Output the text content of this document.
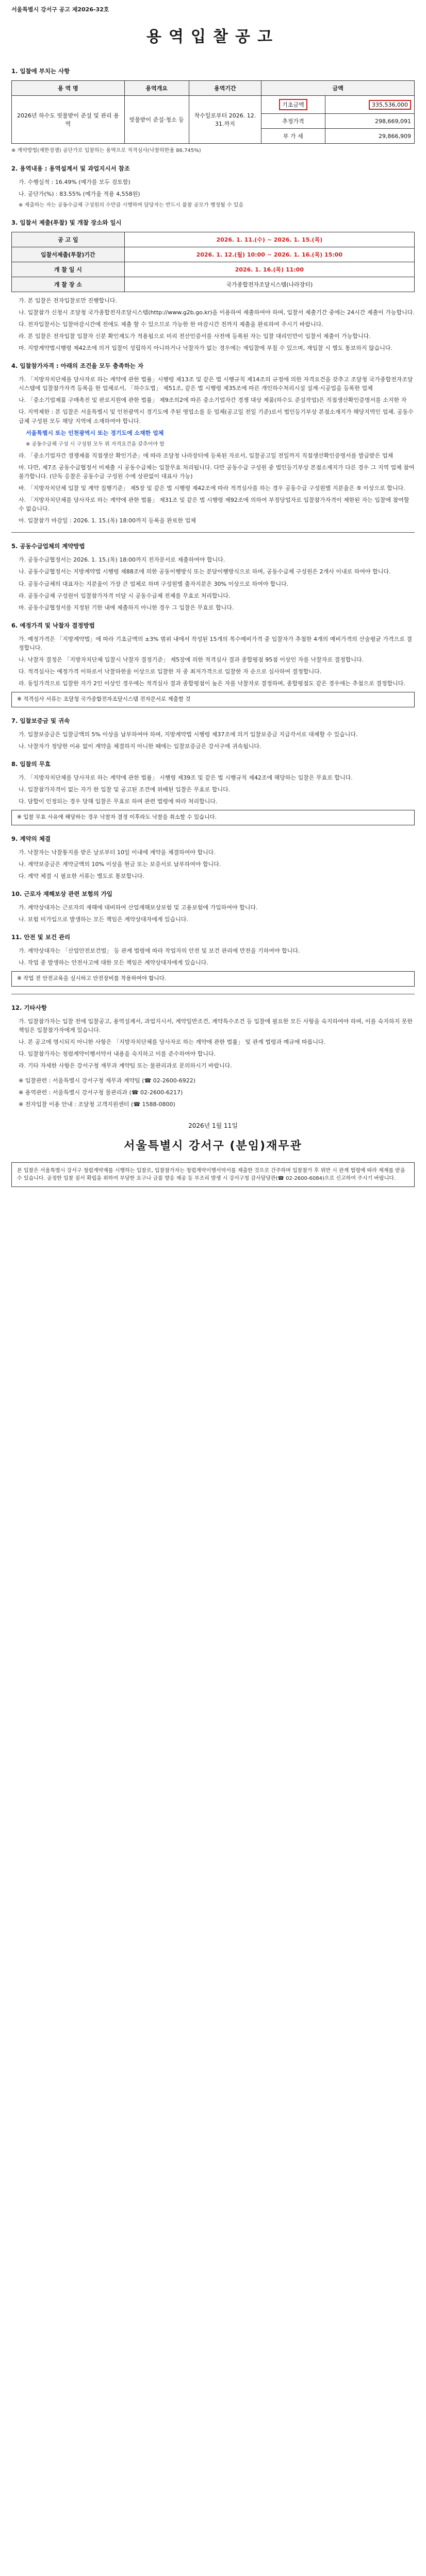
서울특별시 강서구 공고 제2026-32호
용역입찰공고
1. 입찰에 부치는 사항
용 역 명	용역개요	용역기간	금액	
2026년 하수도 빗물받이 준설 및 관리 용역	빗물받이 준설·청소 등	착수일로부터 2026. 12. 31.까지	기초금액	335,536,000
			추정가격	298,669,091
			부 가 세	29,866,909
※ 계약방법(제한경쟁) 공단가로 입찰하는 용역으로 적격심사(낙찰하한율 86.745%)
2. 용역내용 : 용역설계서 및 과업지시서 참조
가. 수행실적 : 16.49% (예가를 모두 검토함)
나. 공단가(%) : 83.55% (예가율 적용 4,558원)
※ 제출하는 자는 공동수급체 구성원의 수만큼 시행하며 담당자는 반드시 불참 공모가 행정될 수 있음
3. 입찰서 제출(투찰) 및 개찰 장소와 일시
공 고 일	2026. 1. 11.(수) ~ 2026. 1. 15.(목)
입찰서제출(투찰)기간	2026. 1. 12.(월) 10:00 ~ 2026. 1. 16.(목) 15:00
개 찰 일 시	2026. 1. 16.(목) 11:00
개 찰 장 소	국가종합전자조달시스템(나라장터)
가. 본 입찰은 전자입찰로만 진행합니다.
나. 입찰참가 신청시 조달청 국가종합전자조달시스템(http://www.g2b.go.kr)을 이용하여 제출하여야 하며, 입찰서 제출기간 중에는 24시간 제출이 가능합니다.
다. 전자입찰서는 입찰마감시간에 전에도 제출 할 수 있으므로 가능한 한 마감시간 전까지 제출을 완료하여 주시기 바랍니다.
라. 본 입찰은 전자입찰 입찰자 신분 확인제도가 적용됨으로 미리 전산인증서를 사전에 등록된 자는 입찰 대리인만이 입찰서 제출이 가능합니다.
마. 지방계약법시행령 제42조에 의거 입찰이 성립하지 아니하거나 낙찰자가 없는 경우에는 재입찰에 부칠 수 있으며, 재입찰 시 별도 통보하지 않습니다.
4. 입찰참가자격 : 아래의 조건을 모두 충족하는 자
가. 「지방자치단체를 당사자로 하는 계약에 관한 법률」시행령 제13조 및 같은 법 시행규칙 제14조의 규정에 의한 자격요건을 갖추고 조달청 국가종합전자조달시스템에 입찰참가자격 등록을 한 업체로서, 「하수도법」 제51조, 같은 법 시행령 제35조에 따른 개인하수처리시설 설계·시공업을 등록한 업체
나. 「중소기업제품 구매촉진 및 판로지원에 관한 법률」 제9조의2에 따른 중소기업자간 경쟁 대상 제품(하수도 준설작업)은 직접생산확인증명서를 소지한 자
다. 지역제한 : 본 입찰은 서울특별시 및 인천광역시 경기도에 주된 영업소를 둔 업체(공고일 전일 기준)로서 법인등기부상 본점소재지가 해당지역인 업체. 공동수급체 구성원 모두 해당 지역에 소재하여야 합니다.
서울특별시 또는 인천광역시 또는 경기도에 소재한 업체
※ 공동수급체 구성 시 구성원 모두 위 자격요건을 갖추어야 함
라. 「중소기업자간 경쟁제품 직접생산 확인기준」에 따라 조달청 나라장터에 등록된 자로서, 입찰공고일 전일까지 직접생산확인증명서를 발급받은 업체
마. 다만, 제7조 공동수급협정서 미제출 시 공동수급체는 입찰무효 처리됩니다. 다만 공동수급 구성원 중 법인등기부상 본점소재지가 다른 경우 그 지역 업체 참여 불가합니다. (단독 응찰은 공동수급 구성원 수에 상관없이 대표사 가능)
바. 「지방자치단체 입찰 및 계약 집행기준」 제5장 및 같은 법 시행령 제42조에 따라 적격심사를 하는 경우 공동수급 구성원별 지분율은 ⑤ 이상으로 합니다.
사. 「지방자치단체를 당사자로 하는 계약에 관한 법률」 제31조 및 같은 법 시행령 제92조에 의하여 부정당업자로 입찰참가자격이 제한된 자는 입찰에 참여할 수 없습니다.
아. 입찰참가 마감일 : 2026. 1. 15.(목) 18:00까지 등록을 완료한 업체
5. 공동수급업체의 계약방법
가. 공동수급협정서는 2026. 1. 15.(목) 18:00까지 전자문서로 제출하여야 합니다.
나. 공동수급협정서는 지방계약법 시행령 제88조에 의한 공동이행방식 또는 분담이행방식으로 하며, 공동수급체 구성원은 2개사 이내로 하여야 합니다.
다. 공동수급체의 대표자는 지분율이 가장 큰 업체로 하며 구성원별 출자지분은 30% 이상으로 하여야 합니다.
라. 공동수급체 구성원이 입찰참가자격 미달 시 공동수급체 전체를 무효로 처리합니다.
마. 공동수급협정서를 지정된 기한 내에 제출하지 아니한 경우 그 입찰은 무효로 합니다.
6. 예정가격 및 낙찰자 결정방법
가. 예정가격은 「지방계약법」에 따라 기초금액의 ±3% 범위 내에서 작성된 15개의 복수예비가격 중 입찰자가 추첨한 4개의 예비가격의 산술평균 가격으로 결정합니다.
나. 낙찰자 결정은 「지방자치단체 입찰시 낙찰자 결정기준」 제5장에 의한 적격심사 결과 종합평점 95점 이상인 자를 낙찰자로 결정합니다.
다. 적격심사는 예정가격 이하로서 낙찰하한율 이상으로 입찰한 자 중 최저가격으로 입찰한 자 순으로 심사하여 결정합니다.
라. 동일가격으로 입찰한 자가 2인 이상인 경우에는 적격심사 결과 종합평점이 높은 자를 낙찰자로 결정하며, 종합평점도 같은 경우에는 추첨으로 결정합니다.
※ 적격심사 서류는 조달청 국가종합전자조달시스템 전자문서로 제출할 것
7. 입찰보증금 및 귀속
가. 입찰보증금은 입찰금액의 5% 이상을 납부하여야 하며, 지방계약법 시행령 제37조에 의거 입찰보증금 지급각서로 대체할 수 있습니다.
나. 낙찰자가 정당한 이유 없이 계약을 체결하지 아니한 때에는 입찰보증금은 강서구에 귀속됩니다.
8. 입찰의 무효
가. 「지방자치단체를 당사자로 하는 계약에 관한 법률」 시행령 제39조 및 같은 법 시행규칙 제42조에 해당하는 입찰은 무효로 합니다.
나. 입찰참가자격이 없는 자가 한 입찰 및 공고된 조건에 위배된 입찰은 무효로 합니다.
다. 담합이 인정되는 경우 당해 입찰은 무효로 하며 관련 법령에 따라 처리합니다.
※ 입찰 무효 사유에 해당하는 경우 낙찰자 결정 이후라도 낙찰을 취소할 수 있습니다.
9. 계약의 체결
가. 낙찰자는 낙찰통지를 받은 날로부터 10일 이내에 계약을 체결하여야 합니다.
나. 계약보증금은 계약금액의 10% 이상을 현금 또는 보증서로 납부하여야 합니다.
다. 계약 체결 시 필요한 서류는 별도로 통보합니다.
10. 근로자 재해보상 관련 보험의 가입
가. 계약상대자는 근로자의 재해에 대비하여 산업재해보상보험 및 고용보험에 가입하여야 합니다.
나. 보험 미가입으로 발생하는 모든 책임은 계약상대자에게 있습니다.
11. 안전 및 보건 관리
가. 계약상대자는 「산업안전보건법」 등 관계 법령에 따라 작업자의 안전 및 보건 관리에 만전을 기하여야 합니다.
나. 작업 중 발생하는 안전사고에 대한 모든 책임은 계약상대자에게 있습니다.
※ 작업 전 안전교육을 실시하고 안전장비를 착용하여야 합니다.
12. 기타사항
가. 입찰참가자는 입찰 전에 입찰공고, 용역설계서, 과업지시서, 계약일반조건, 계약특수조건 등 입찰에 필요한 모든 사항을 숙지하여야 하며, 이를 숙지하지 못한 책임은 입찰참가자에게 있습니다.
나. 본 공고에 명시되지 아니한 사항은 「지방자치단체를 당사자로 하는 계약에 관한 법률」 및 관계 법령과 예규에 따릅니다.
다. 입찰참가자는 청렴계약이행서약서 내용을 숙지하고 이를 준수하여야 합니다.
라. 기타 자세한 사항은 강서구청 재무과 계약팀 또는 물관리과로 문의하시기 바랍니다.
※ 입찰관련 : 서울특별시 강서구청 재무과 계약팀 (☎ 02-2600-6922)
※ 용역관련 : 서울특별시 강서구청 물관리과 (☎ 02-2600-6217)
※ 전자입찰 이용 안내 : 조달청 고객지원센터 (☎ 1588-0800)
2026년 1월 11일
서울특별시 강서구 (분임)재무관
본 입찰은 서울특별시 강서구 청렴계약제를 시행하는 입찰로, 입찰참가자는 청렴계약이행서약서를 제출한 것으로 간주하며 입찰참가 후 위반 시 관계 법령에 따라 제재를 받을 수 있습니다. 공정한 입찰 질서 확립을 위하여 부당한 요구나 금품 향응 제공 등 부조리 발생 시 강서구청 감사담당관(☎ 02-2600-6084)으로 신고하여 주시기 바랍니다.
